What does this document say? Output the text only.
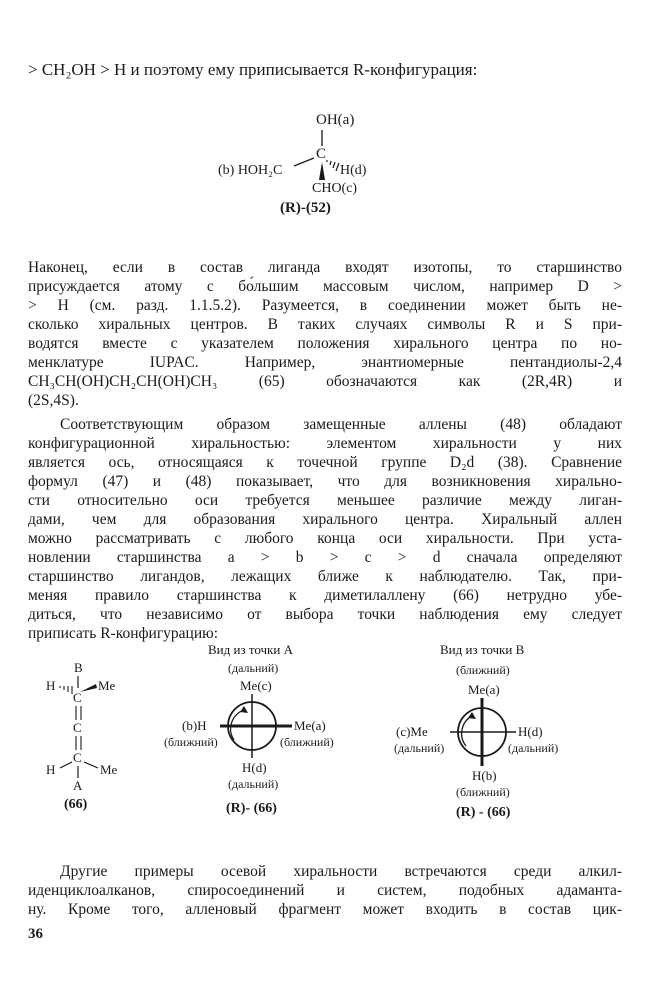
> CH₂OH > H и поэтому ему приписывается R-конфигурация:
OH(a)
C
(b) HOH₂C	H(d)
CHO(c)
(R)-(52)
Наконец, если в состав лиганда входят изотопы, то старшинство
присуждается атому с бо́льшим массовым числом, например D >
> H (см. разд. 1.1.5.2). Разумеется, в соединении может быть не-
сколько хиральных центров. В таких случаях символы R и S при-
водятся вместе с указателем положения хирального центра по но-
менклатуре IUPAC. Например, энантиомерные пентандиолы-2,4
CH₃CH(OH)CH₂CH(OH)CH₃ (65) обозначаются как (2R,4R) и
(2S,4S).
Соответствующим образом замещенные аллены (48) обладают
конфигурационной хиральностью: элементом хиральности у них
является ось, относящаяся к точечной группе D₂d (38). Сравнение
формул (47) и (48) показывает, что для возникновения хирально-
сти относительно оси требуется меньшее различие между лиган-
дами, чем для образования хирального центра. Хиральный аллен
можно рассматривать с любого конца оси хиральности. При уста-
новлении старшинства a > b > c > d сначала определяют
старшинство лигандов, лежащих ближе к наблюдателю. Так, при-
меняя правило старшинства к диметилаллену (66) нетрудно убе-
диться, что независимо от выбора точки наблюдения ему следует
приписать R-конфигурацию:
B
H	Me
C
C
C
H	Me
A
(66)
Вид из точки A
(дальний)
Me(c)
(b)H	Me(a)
(ближний)	(ближний)
H(d)
(дальний)
(R)- (66)
Вид из точки B
(ближний)
Me(a)
(c)Me	H(d)
(дальний)	(дальний)
H(b)
(ближний)
(R) - (66)
Другие примеры осевой хиральности встречаются среди алкил-
иденциклоалканов, спиросоединений и систем, подобных адаманта-
ну. Кроме того, алленовый фрагмент может входить в состав цик-
36
